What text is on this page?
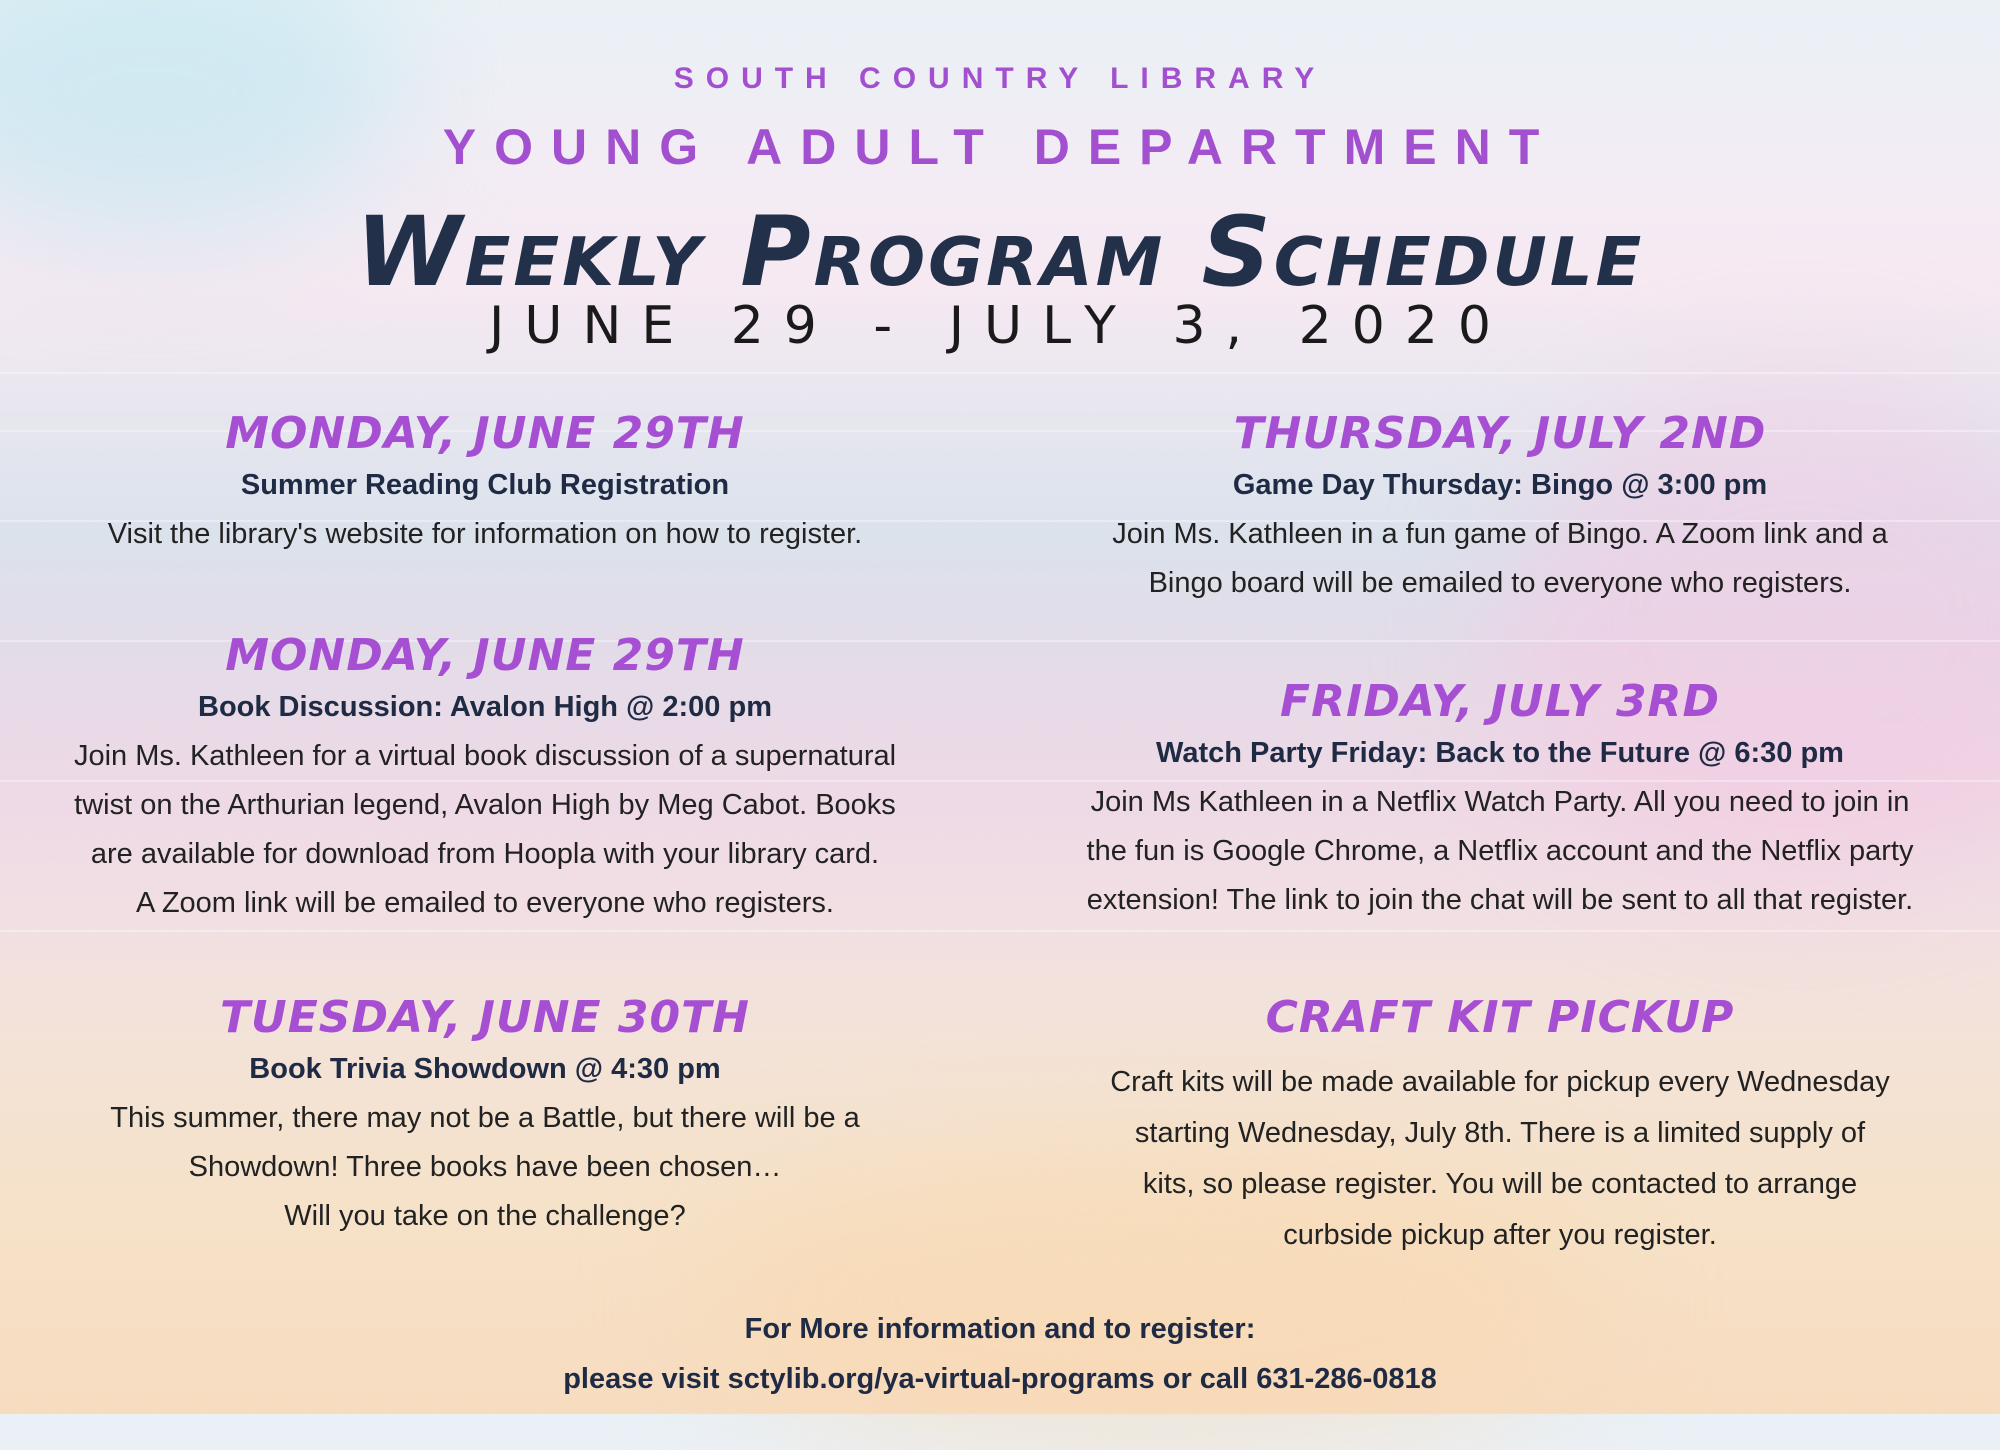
SOUTH COUNTRY LIBRARY
YOUNG ADULT DEPARTMENT
Weekly Program Schedule
JUNE 29 - JULY 3, 2020
MONDAY, JUNE 29TH
Summer Reading Club Registration

Visit the library's website for information on how to register.

MONDAY, JUNE 29TH
Book Discussion: Avalon High @ 2:00 pm

Join Ms. Kathleen for a virtual book discussion of a supernatural

twist on the Arthurian legend, Avalon High by Meg Cabot. Books

are available for download from Hoopla with your library card.

A Zoom link will be emailed to everyone who registers.

TUESDAY, JUNE 30TH
Book Trivia Showdown @ 4:30 pm

This summer, there may not be a Battle, but there will be a

Showdown! Three books have been chosen…

Will you take on the challenge?

THURSDAY, JULY 2ND
Game Day Thursday: Bingo @ 3:00 pm

Join Ms. Kathleen in a fun game of Bingo. A Zoom link and a

Bingo board will be emailed to everyone who registers.

FRIDAY, JULY 3RD
Watch Party Friday: Back to the Future @ 6:30 pm

Join Ms Kathleen in a Netflix Watch Party. All you need to join in

the fun is Google Chrome, a Netflix account and the Netflix party

extension! The link to join the chat will be sent to all that register.

CRAFT KIT PICKUP

Craft kits will be made available for pickup every Wednesday

starting Wednesday, July 8th. There is a limited supply of

kits, so please register. You will be contacted to arrange

curbside pickup after you register.

For More information and to register:
please visit sctylib.org/ya-virtual-programs or call 631-286-0818
